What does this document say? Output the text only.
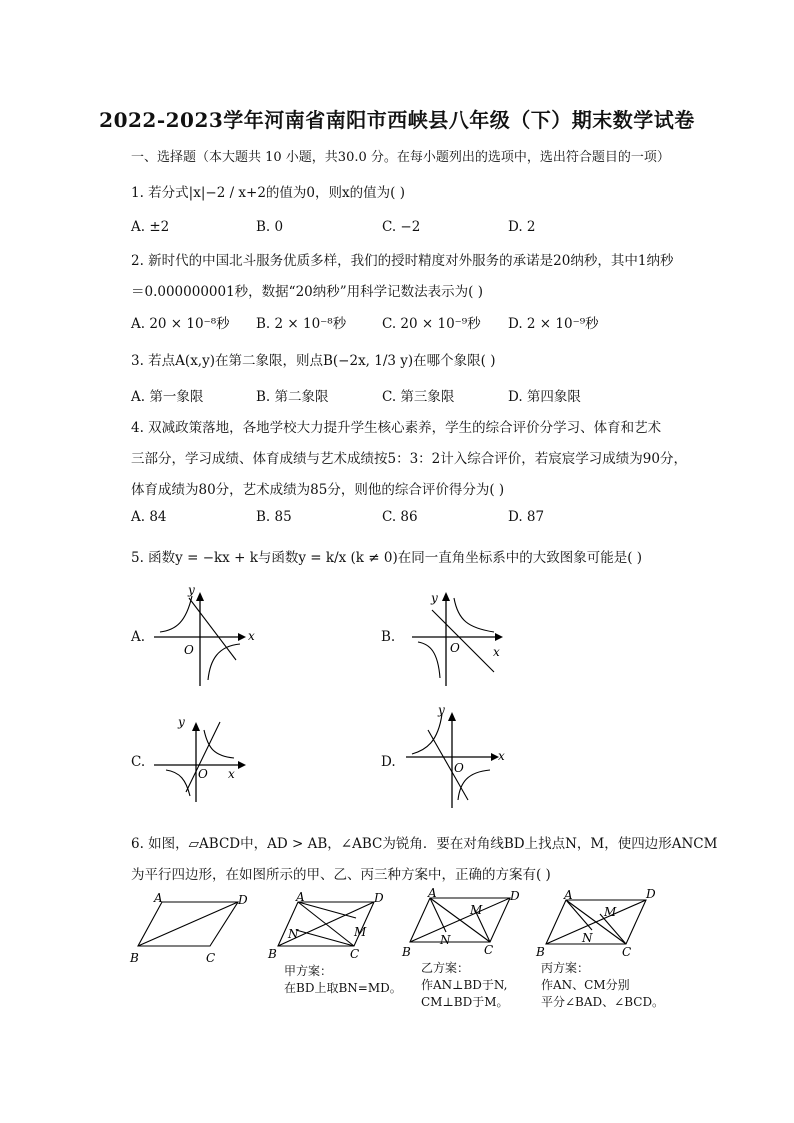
2022-2023学年河南省南阳市西峡县八年级（下）期末数学试卷
一、选择题（本大题共 10 小题，共30.0 分。在每小题列出的选项中，选出符合题目的一项）
1. 若分式|x|−2 / x+2的值为0，则x的值为( )
A. ±2	B. 0	C. −2	D. 2
2. 新时代的中国北斗服务优质多样，我们的授时精度对外服务的承诺是20纳秒，其中1纳秒
＝0.000000001秒，数据“20纳秒”用科学记数法表示为( )
A. 20 × 10⁻⁸秒 B. 2 × 10⁻⁸秒	C. 20 × 10⁻⁹秒 D. 2 × 10⁻⁹秒
3. 若点A(x,y)在第二象限，则点B(−2x, 1/3 y)在哪个象限( )
A. 第一象限	B. 第二象限	C. 第三象限	D. 第四象限
4. 双减政策落地，各地学校大力提升学生核心素养，学生的综合评价分学习、体育和艺术
三部分，学习成绩、体育成绩与艺术成绩按5：3：2计入综合评价，若宸宸学习成绩为90分，
体育成绩为80分，艺术成绩为85分，则他的综合评价得分为( )
A. 84	B. 85	C. 86	D. 87
5. 函数y = −kx + k与函数y = k/x (k ≠ 0)在同一直角坐标系中的大致图象可能是( )
A.	B.
C.	D.
y
x
O
y
x
O
y
x
O
y
x
O
6. 如图，▱ABCD中，AD > AB，∠ABC为锐角．要在对角线BD上找点N，M，使四边形ANCM
为平行四边形，在如图所示的甲、乙、丙三种方案中，正确的方案有( )
A	D
B	C
A	D
B	C
N	M
甲方案：
在BD上取BN=MD。
A	D
B	C
N
M
乙方案：
作AN⊥BD于N,
CM⊥BD于M。
A	D
B	C
N
M
丙方案：
作AN、CM分别
平分∠BAD、∠BCD。
